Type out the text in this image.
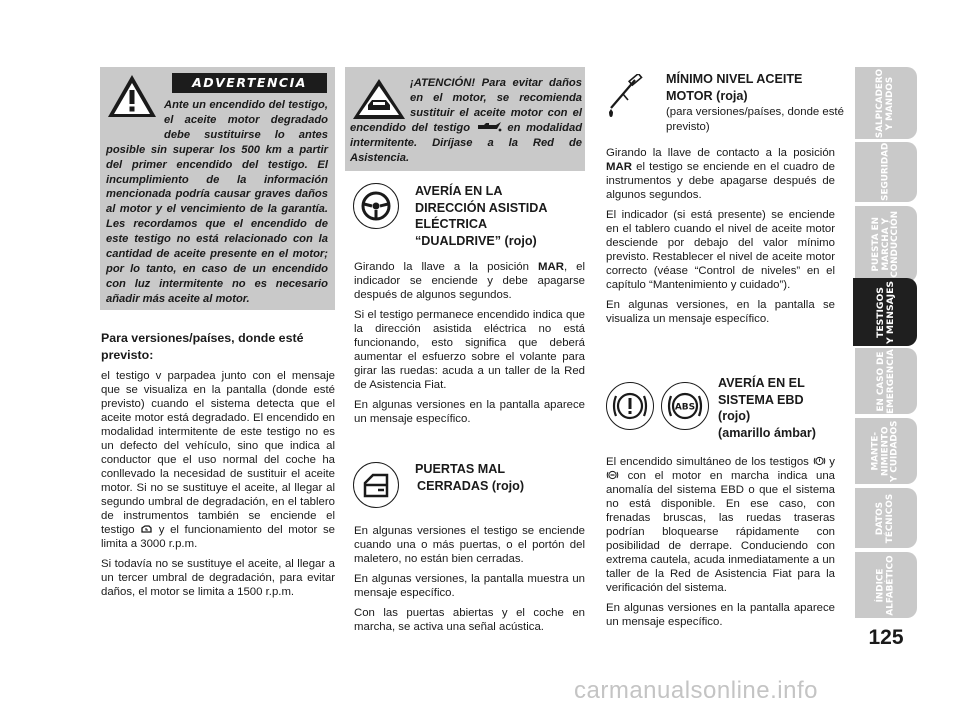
ADVERTENCIA

Ante un encendido del testigo, el aceite motor degradado debe sustituirse lo antes posible sin superar los 500 km a partir del primer encendido del testigo. El incumplimiento de la información mencionada podría causar graves daños al motor y el vencimiento de la garantía. Les recordamos que el encendido de este testigo no está relacionado con la cantidad de aceite presente en el motor; por lo tanto, en caso de un encendido con luz intermitente no es necesario añadir más aceite al motor.

Para versiones/países, donde esté previsto:

el testigo v parpadea junto con el mensaje que se visualiza en la pantalla (donde esté previsto) cuando el sistema detecta que el aceite motor está degradado. El encendido en modalidad intermitente de este testigo no es un defecto del vehículo, sino que indica al conductor que el uso normal del coche ha conllevado la necesidad de sustituir el aceite motor. Si no se sustituye el aceite, al llegar al segundo umbral de degradación, en el tablero de instrumentos también se enciende el testigo y el funcionamiento del motor se limita a 3000 r.p.m.

Si todavía no se sustituye el aceite, al llegar a un tercer umbral de degradación, para evitar daños, el motor se limita a 1500 r.p.m.

¡ATENCIÓN! Para evitar daños en el motor, se recomienda sustituir el aceite motor con el encendido del testigo	en modalidad intermitente. Diríjase a la Red de Asistencia.

AVERÍA EN LA

DIRECCIÓN ASISTIDA

ELÉCTRICA

“DUALDRIVE” (rojo)

Girando la llave a la posición MAR, el indicador se enciende y debe apagarse después de algunos segundos.

Si el testigo permanece encendido indica que la dirección asistida eléctrica no está funcionando, esto significa que deberá aumentar el esfuerzo sobre el volante para girar las ruedas: acuda a un taller de la Red de Asistencia Fiat.

En algunas versiones en la pantalla aparece un mensaje específico.

PUERTAS MAL

CERRADAS (rojo)

En algunas versiones el testigo se enciende cuando una o más puertas, o el portón del maletero, no están bien cerradas.

En algunas versiones, la pantalla muestra un mensaje específico.

Con las puertas abiertas y el coche en marcha, se activa una señal acústica.

MÍNIMO NIVEL ACEITE

MOTOR (roja)

(para versiones/países, donde esté previsto)

Girando la llave de contacto a la posición MAR el testigo se enciende en el cuadro de instrumentos y debe apagarse después de algunos segundos.

El indicador (si está presente) se enciende en el tablero cuando el nivel de aceite motor desciende por debajo del valor mínimo previsto. Restablecer el nivel de aceite motor correcto (véase “Control de niveles” en el capítulo “Mantenimiento y cuidado”).

En algunas versiones, en la pantalla se visualiza un mensaje específico.

ABS

AVERÍA EN EL

SISTEMA EBD

(rojo)

(amarillo ámbar)

El encendido simultáneo de los testigos y  con el motor en marcha indica una anomalía del sistema EBD o que el sistema no está disponible. En ese caso, con frenadas bruscas, las ruedas traseras podrían bloquearse rápidamente con posibilidad de derrape. Conduciendo con extrema cautela, acuda inmediatamente a un taller de la Red de Asistencia Fiat para la verificación del sistema.

En algunas versiones en la pantalla aparece un mensaje específico.

SALPICADERO
Y MANDOS
SEGURIDAD
PUESTA EN
MARCHA Y
CONDUCCIÓN
TESTIGOS
Y MENSAJES
EN CASO DE
EMERGENCIA
MANTE-
NIMIENTO
Y CUIDADOS
DATOS
TÉCNICOS
ÍNDICE
ALFABÉTICO
125
carmanualsonline.info
